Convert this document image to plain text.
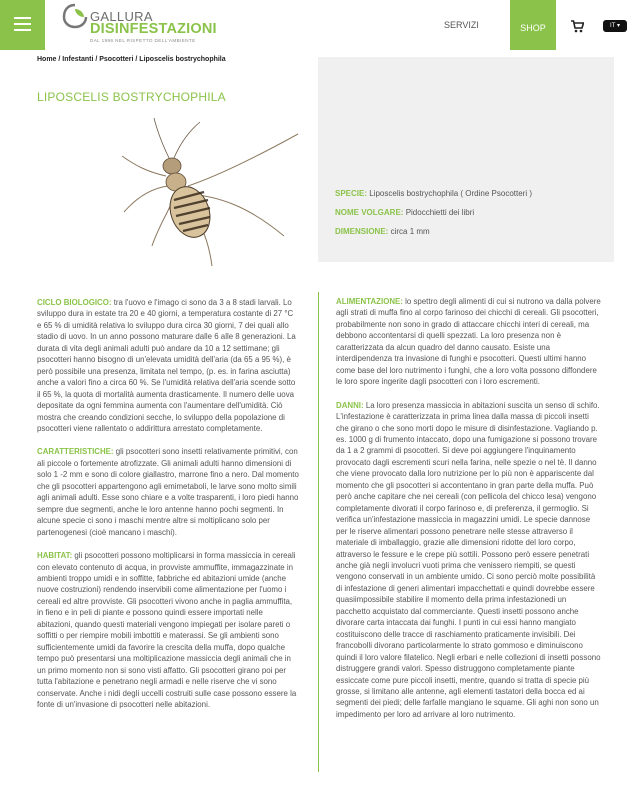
GALLURA
DISINFESTAZIONI
DAL 1996 NEL RISPETTO DELL'AMBIENTE
SERVIZI	SHOP	IT ▾
Home / Infestanti / Psocotteri / Liposcelis bostrychophila
LIPOSCELIS BOSTRYCHOPHILA
SPECIE: Liposcelis bostrychophila ( Ordine Psocotteri )
NOME VOLGARE: Pidocchietti dei libri
DIMENSIONE: circa 1 mm

CICLO BIOLOGICO: tra l'uovo e l'imago ci sono da 3 a 8 stadi larvali. Lo sviluppo dura in estate tra 20 e 40 giorni, a temperatura costante di 27 °C e 65 % di umidità relativa lo sviluppo dura circa 30 giorni, 7 dei quali allo stadio di uovo. In un anno possono maturare dalle 6 alle 8 generazioni. La durata di vita degli animali adulti può andare da 10 a 12 settimane; gli psocotteri hanno bisogno di un'elevata umidità dell'aria (da 65 a 95 %), è però possibile una presenza, limitata nel tempo, (p. es. in farina asciutta) anche a valori fino a circa 60 %. Se l'umidità relativa dell'aria scende sotto il 65 %, la quota di mortalità aumenta drasticamente. Il numero delle uova depositate da ogni femmina aumenta con l'aumentare dell'umidità. Ciò mostra che creando condizioni secche, lo sviluppo della popolazione di psocotteri viene rallentato o addirittura arrestato completamente.

CARATTERISTICHE: gli psocotteri sono insetti relativamente primitivi, con ali piccole o fortemente atrofizzate. Gli animali adulti hanno dimensioni di solo 1 -2 mm e sono di colore giallastro, marrone fino a nero. Dal momento che gli psocotteri appartengono agli emimetaboli, le larve sono molto simili agli animali adulti. Esse sono chiare e a volte trasparenti, i loro piedi hanno sempre due segmenti, anche le loro antenne hanno pochi segmenti. In alcune specie ci sono i maschi mentre altre si moltiplicano solo per partenogenesi (cioè mancano i maschi).

HABITAT: gli psocotteri possono moltiplicarsi in forma massiccia in cereali con elevato contenuto di acqua, in provviste ammuffite, immagazzinate in ambienti troppo umidi e in soffitte, fabbriche ed abitazioni umide (anche nuove costruzioni) rendendo inservibili come alimentazione per l'uomo i cereali ed altre provviste. Gli psocotteri vivono anche in paglia ammuffita, in fieno e in peli di piante e possono quindi essere importati nelle abitazioni, quando questi materiali vengono impiegati per isolare pareti o soffitti o per riempire mobili imbottiti e materassi. Se gli ambienti sono sufficientemente umidi da favorire la crescita della muffa, dopo qualche tempo può presentarsi una moltiplicazione massiccia degli animali che in un primo momento non si sono visti affatto. Gli psocotteri girano poi per tutta l'abitazione e penetrano negli armadi e nelle riserve che vi sono conservate. Anche i nidi degli uccelli costruiti sulle case possono essere la fonte di un'invasione di psocotteri nelle abitazioni.

ALIMENTAZIONE: lo spettro degli alimenti di cui si nutrono va dalla polvere agli strati di muffa fino al corpo farinoso dei chicchi di cereali. Gli psocotteri, probabilmente non sono in grado di attaccare chicchi interi di cereali, ma debbono accontentarsi di quelli spezzati. La loro presenza non è caratterizzata da alcun quadro del danno causato. Esiste una interdipendenza tra invasione di funghi e psocotteri. Questi ultimi hanno come base del loro nutrimento i funghi, che a loro volta possono diffondere le loro spore ingerite dagli psocotteri con i loro escrementi.

DANNI: La loro presenza massiccia in abitazioni suscita un senso di schifo. L'infestazione è caratterizzata in prima linea dalla massa di piccoli insetti che girano o che sono morti dopo le misure di disinfestazione. Vagliando p. es. 1000 g di frumento intaccato, dopo una fumigazione si possono trovare da 1 a 2 grammi di psocotteri. Si deve poi aggiungere l'inquinamento provocato dagli escrementi scuri nella farina, nelle spezie o nel tè. Il danno che viene provocato dalla loro nutrizione per lo più non è appariscente dal momento che gli psocotteri si accontentano in gran parte della muffa. Può però anche capitare che nei cereali (con pellicola del chicco lesa) vengono completamente divorati il corpo farinoso e, di preferenza, il germoglio. Si verifica un'infestazione massiccia in magazzini umidi. Le specie dannose per le riserve alimentari possono penetrare nelle stesse attraverso il materiale di imballaggio, grazie alle dimensioni ridotte del loro corpo, attraverso le fessure e le crepe più sottili. Possono però essere penetrati anche già negli involucri vuoti prima che venissero riempiti, se questi vengono conservati in un ambiente umido. Ci sono perciò molte possibilità di infestazione di generi alimentari impacchettati e quindi dovrebbe essere quasiimpossibile stabilire il momento della prima infestazionedi un pacchetto acquistato dal commerciante. Questi insetti possono anche divorare carta intaccata dai funghi. I punti in cui essi hanno mangiato costituiscono delle tracce di raschiamento praticamente invisibili. Dei francobolli divorano particolarmente lo strato gommoso e diminuiscono quindi il loro valore filatelico. Negli erbari e nelle collezioni di insetti possono distruggere grandi valori. Spesso distruggono completamente piante essiccate come pure piccoli insetti, mentre, quando si tratta di specie più grosse, si limitano alle antenne, agli elementi tastatori della bocca ed ai segmenti dei piedi; delle farfalle mangiano le squame. Gli aghi non sono un impedimento per loro ad arrivare al loro nutrimento.
